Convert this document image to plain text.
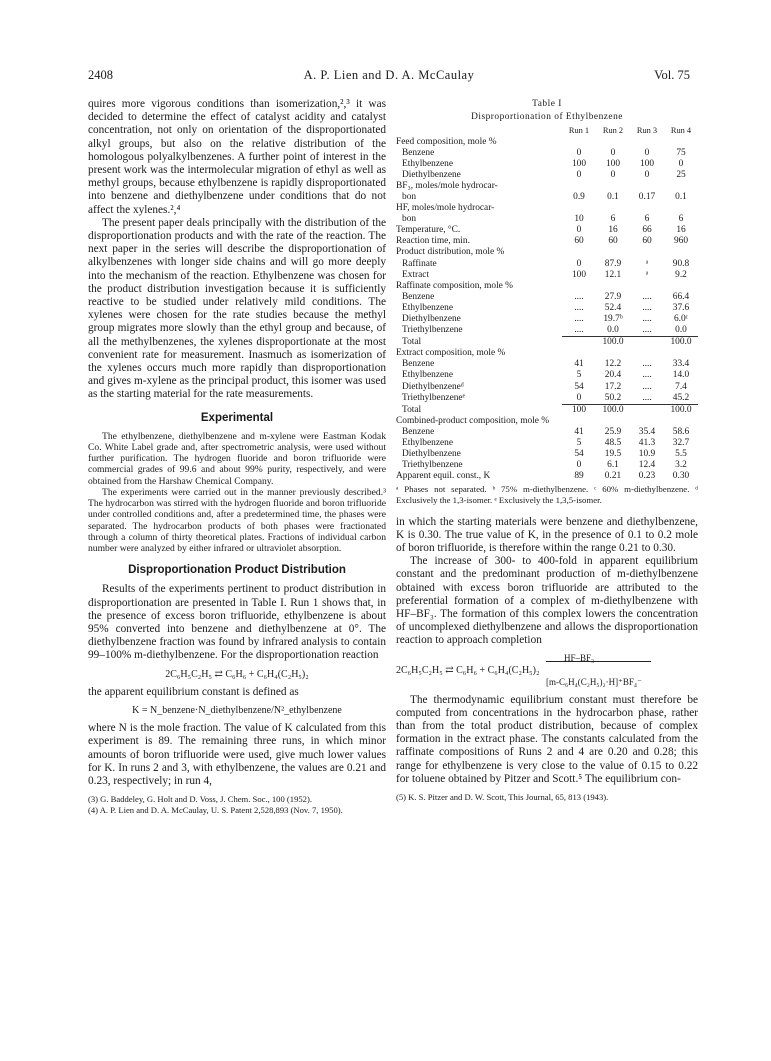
2408	A. P. Lien and D. A. McCaulay	Vol. 75

quires more vigorous conditions than isomerization,²,³ it was decided to determine the effect of catalyst acidity and catalyst concentration, not only on orientation of the disproportionated alkyl groups, but also on the relative distribution of the homologous polyalkylbenzenes. A further point of interest in the present work was the intermolecular migration of ethyl as well as methyl groups, because ethylbenzene is rapidly disproportionated into benzene and diethylbenzene under conditions that do not affect the xylenes.²,⁴

The present paper deals principally with the distribution of the disproportionation products and with the rate of the reaction. The next paper in the series will describe the disproportionation of alkylbenzenes with longer side chains and will go more deeply into the mechanism of the reaction. Ethylbenzene was chosen for the product distribution investigation because it is sufficiently reactive to be studied under relatively mild conditions. The xylenes were chosen for the rate studies because the methyl group migrates more slowly than the ethyl group and because, of all the methylbenzenes, the xylenes disproportionate at the most convenient rate for measurement. Inasmuch as isomerization of the xylenes occurs much more rapidly than disproportionation and gives m-xylene as the principal product, this isomer was used as the starting material for the rate measurements.

Experimental

The ethylbenzene, diethylbenzene and m-xylene were Eastman Kodak Co. White Label grade and, after spectrometric analysis, were used without further purification. The hydrogen fluoride and boron trifluoride were commercial grades of 99.6 and about 99% purity, respectively, and were obtained from the Harshaw Chemical Company.

The experiments were carried out in the manner previously described.³ The hydrocarbon was stirred with the hydrogen fluoride and boron trifluoride under controlled conditions and, after a predetermined time, the phases were separated. The hydrocarbon products of both phases were fractionated through a column of thirty theoretical plates. Fractions of individual carbon number were analyzed by either infrared or ultraviolet absorption.

Disproportionation Product Distribution

Results of the experiments pertinent to product distribution in disproportionation are presented in Table I. Run 1 shows that, in the presence of excess boron trifluoride, ethylbenzene is about 95% converted into benzene and diethylbenzene at 0°. The diethylbenzene fraction was found by infrared analysis to contain 99–100% m-diethylbenzene. For the disproportionation reaction

2C₆H₅C₂H₅ ⇄ C₆H₆ + C₆H₄(C₂H₅)₂

the apparent equilibrium constant is defined as

K = N_benzene·N_diethylbenzene/N²_ethylbenzene

where N is the mole fraction. The value of K calculated from this experiment is 89. The remaining three runs, in which minor amounts of boron trifluoride were used, give much lower values for K. In runs 2 and 3, with ethylbenzene, the values are 0.21 and 0.23, respectively; in run 4,

(3) G. Baddeley, G. Holt and D. Voss, J. Chem. Soc., 100 (1952).

(4) A. P. Lien and D. A. McCaulay, U. S. Patent 2,528,893 (Nov. 7, 1950).

Table I
Disproportionation of Ethylbenzene
	Run 1	Run 2	Run 3	Run 4
Feed composition, mole %				
Benzene	0	0	0	75
Ethylbenzene	100	100	100	0
Diethylbenzene	0	0	0	25
BF₃, moles/mole hydrocar-				
bon	0.9	0.1	0.17	0.1
HF, moles/mole hydrocar-				
bon	10	6	6	6
Temperature, °C.	0	16	66	16
Reaction time, min.	60	60	60	960
Product distribution, mole %				
Raffinate	0	87.9	ᵃ	90.8
Extract	100	12.1	ᵃ	9.2
Raffinate composition, mole %				
Benzene	....	27.9	....	66.4
Ethylbenzene	....	52.4	....	37.6
Diethylbenzene	....	19.7ᵇ	....	6.0ᶜ
Triethylbenzene	....	0.0	....	0.0
Total		100.0		100.0
Extract composition, mole %				
Benzene	41	12.2	....	33.4
Ethylbenzene	5	20.4	....	14.0
Diethylbenzeneᵈ	54	17.2	....	7.4
Triethylbenzeneᵉ	0	50.2	....	45.2
Total	100	100.0		100.0
Combined-product composition, mole %				
Benzene	41	25.9	35.4	58.6
Ethylbenzene	5	48.5	41.3	32.7
Diethylbenzene	54	19.5	10.9	5.5
Triethylbenzene	0	6.1	12.4	3.2
Apparent equil. const., K	89	0.21	0.23	0.30
ᵃ Phases not separated. ᵇ 75% m-diethylbenzene. ᶜ 60% m-diethylbenzene. ᵈ Exclusively the 1,3-isomer. ᵉ Exclusively the 1,3,5-isomer.

in which the starting materials were benzene and diethylbenzene, K is 0.30. The true value of K, in the presence of 0.1 to 0.2 mole of boron trifluoride, is therefore within the range 0.21 to 0.30.

The increase of 300- to 400-fold in apparent equilibrium constant and the predominant production of m-diethylbenzene obtained with excess boron trifluoride are attributed to the preferential formation of a complex of m-diethylbenzene with HF–BF₃. The formation of this complex lowers the concentration of uncomplexed diethylbenzene and allows the disproportionation reaction to approach completion

HF–BF₃
2C₆H₅C₂H₅ ⇄ C₆H₆ + C₆H₄(C₂H₅)₂
[m-C₆H₄(C₂H₅)₂·H]⁺BF₄⁻

The thermodynamic equilibrium constant must therefore be computed from concentrations in the hydrocarbon phase, rather than from the total product distribution, because of complex formation in the extract phase. The constants calculated from the raffinate compositions of Runs 2 and 4 are 0.20 and 0.28; this range for ethylbenzene is very close to the value of 0.15 to 0.22 for toluene obtained by Pitzer and Scott.⁵ The equilibrium con-

(5) K. S. Pitzer and D. W. Scott, This Journal, 65, 813 (1943).
